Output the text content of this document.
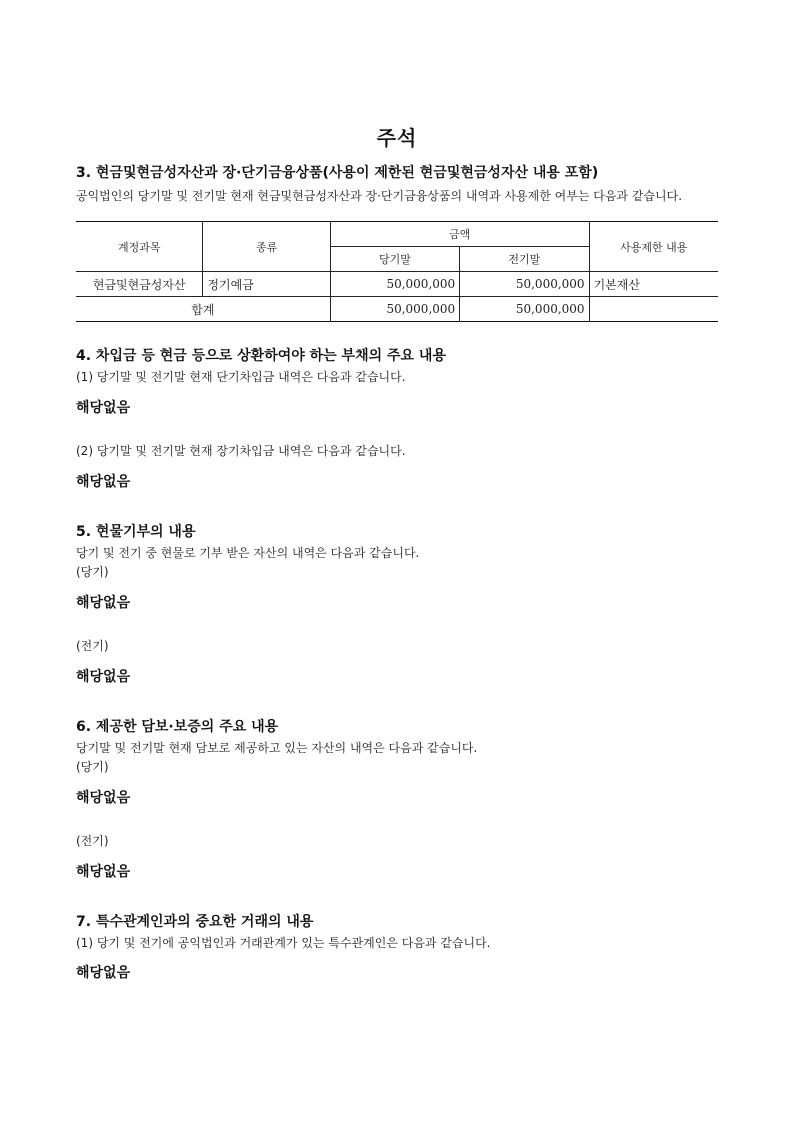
주석
3. 현금및현금성자산과 장·단기금융상품(사용이 제한된 현금및현금성자산 내용 포함)
공익법인의 당기말 및 전기말 현재 현금및현금성자산과 장·단기금융상품의 내역과 사용제한 여부는 다음과 같습니다.
계정과목	종류	금액		사용제한 내용
		당기말	전기말	
현금및현금성자산	정기예금	50,000,000	50,000,000	기본재산
합계		50,000,000	50,000,000	
4. 차입금 등 현금 등으로 상환하여야 하는 부채의 주요 내용
(1) 당기말 및 전기말 현재 단기차입금 내역은 다음과 같습니다.
해당없음
(2) 당기말 및 전기말 현재 장기차입금 내역은 다음과 같습니다.
해당없음
5. 현물기부의 내용
당기 및 전기 중 현물로 기부 받은 자산의 내역은 다음과 같습니다.
(당기)
해당없음
(전기)
해당없음
6. 제공한 담보·보증의 주요 내용
당기말 및 전기말 현재 담보로 제공하고 있는 자산의 내역은 다음과 같습니다.
(당기)
해당없음
(전기)
해당없음
7. 특수관계인과의 중요한 거래의 내용
(1) 당기 및 전기에 공익법인과 거래관계가 있는 특수관계인은 다음과 같습니다.
해당없음
